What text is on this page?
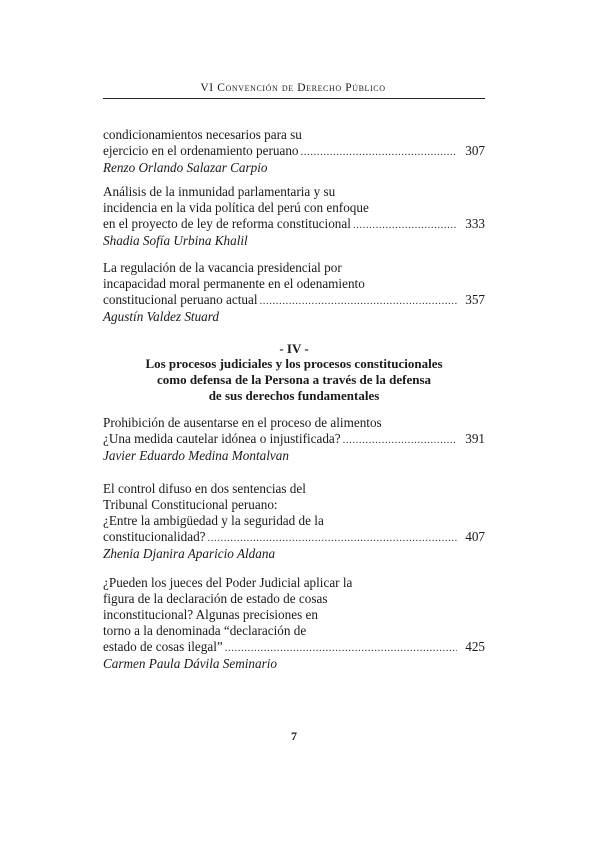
VI Convención de Derecho Público
condicionamientos necesarios para su
ejercicio en el ordenamiento peruano .....	307
Renzo Orlando Salazar Carpio
Análisis de la inmunidad parlamentaria y su
incidencia en la vida política del perú con enfoque
en el proyecto de ley de reforma constitucional .....	333
Shadia Sofía Urbina Khalil
La regulación de la vacancia presidencial por
incapacidad moral permanente en el odenamiento
constitucional peruano actual .....	357
Agustín Valdez Stuard
- IV -
Los procesos judiciales y los procesos constitucionales
como defensa de la Persona a través de la defensa
de sus derechos fundamentales
Prohibición de ausentarse en el proceso de alimentos
¿Una medida cautelar idónea o injustificada? .....	391
Javier Eduardo Medina Montalvan
El control difuso en dos sentencias del
Tribunal Constitucional peruano:
¿Entre la ambigüedad y la seguridad de la
constitucionalidad? .....	407
Zhenia Djanira Aparicio Aldana
¿Pueden los jueces del Poder Judicial aplicar la
figura de la declaración de estado de cosas
inconstitucional? Algunas precisiones en
torno a la denominada “declaración de
estado de cosas ilegal” .....	425
Carmen Paula Dávila Seminario
7
